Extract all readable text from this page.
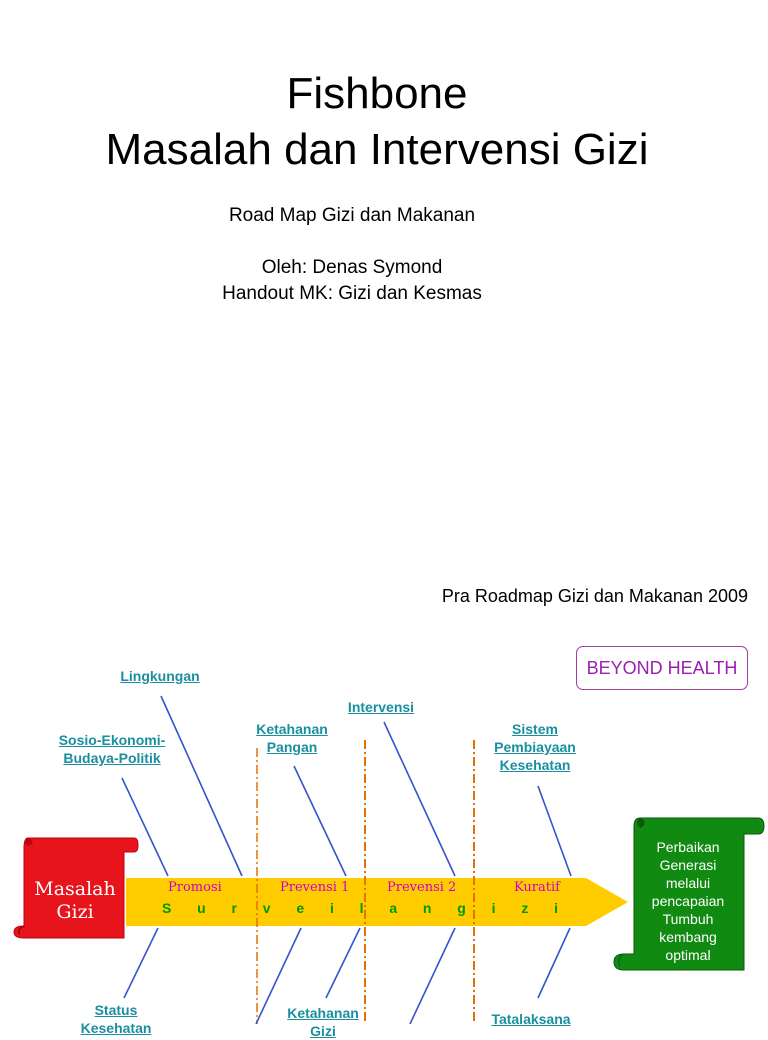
Fishbone
Masalah dan Intervensi Gizi
Road Map Gizi dan Makanan
Oleh: Denas Symond
Handout MK: Gizi dan Kesmas
Pra Roadmap Gizi dan Makanan 2009
BEYOND HEALTH
Masalah Gizi
Perbaikan Generasi melalui pencapaian Tumbuh kembang optimal
Promosi	Prevensi 1	Prevensi 2	Kuratif
S u r v e i l a n g i z i
Lingkungan
Sosio-Ekonomi-
Budaya-Politik
Ketahanan
Pangan
Intervensi
Sistem
Pembiayaan
Kesehatan
Status
Kesehatan
Ketahanan
Gizi
Tatalaksana
